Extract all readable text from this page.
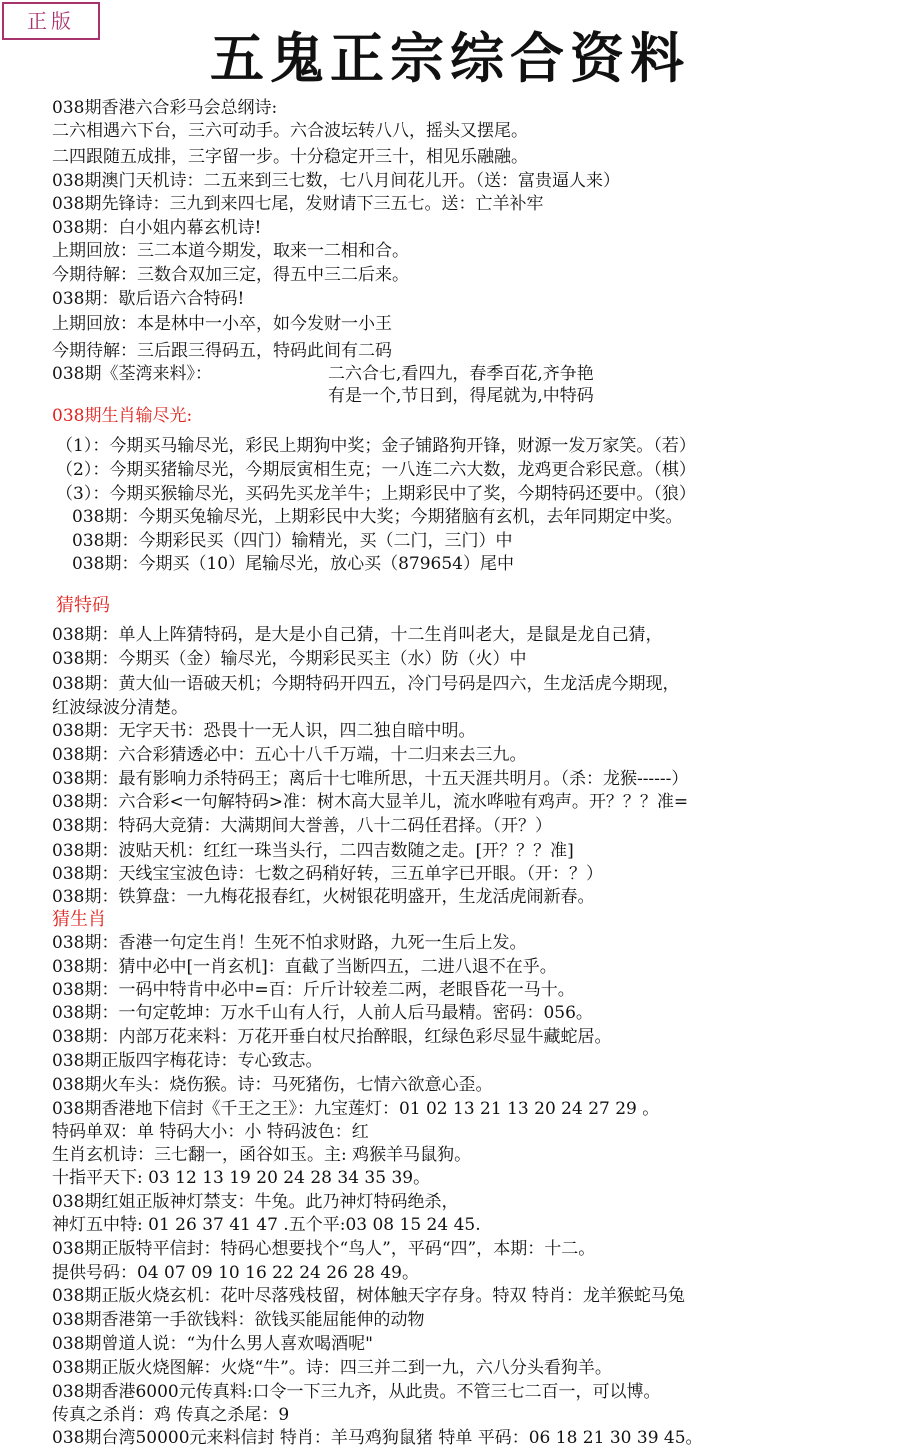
正版
五鬼正宗综合资料
038期香港六合彩马会总纲诗:
二六相遇六下台，三六可动手。六合波坛转八八，摇头又摆尾。
二四跟随五成排，三字留一步。十分稳定开三十，相见乐融融。
038期澳门天机诗：二五来到三七数，七八月间花儿开。（送：富贵逼人来）
038期先锋诗：三九到来四七尾，发财请下三五七。送：亡羊补牢
038期：白小姐内幕玄机诗!
上期回放：三二本道今期发，取来一二相和合。
今期待解：三数合双加三定，得五中三二后来。
038期：歇后语六合特码!
上期回放：本是林中一小卒，如今发财一小王
今期待解：三后跟三得码五，特码此间有二码
038期《荃湾来料》：	二六合七,看四九，春季百花,齐争艳
有是一个,节日到，得尾就为,中特码
038期生肖输尽光:
（1）：今期买马输尽光，彩民上期狗中奖；金子铺路狗开锋，财源一发万家笑。（若）
（2）：今期买猪输尽光，今期辰寅相生克；一八连二六大数，龙鸡更合彩民意。（棋）
（3）：今期买猴输尽光，买码先买龙羊牛；上期彩民中了奖，今期特码还要中。（狼）
038期：今期买兔输尽光，上期彩民中大奖；今期猪脑有玄机，去年同期定中奖。
038期：今期彩民买（四门）输精光，买（二门，三门）中
038期：今期买（10）尾输尽光，放心买（879654）尾中
猜特码
038期：单人上阵猜特码，是大是小自己猜，十二生肖叫老大，是鼠是龙自己猜，
038期：今期买（金）输尽光，今期彩民买主（水）防（火）中
038期：黄大仙一语破天机；今期特码开四五，冷门号码是四六，生龙活虎今期现，
红波绿波分清楚。
038期：无字天书：恐畏十一无人识，四二独自暗中明。
038期：六合彩猜透必中：五心十八千万端，十二归来去三九。
038期：最有影响力杀特码王；离后十七唯所思，十五天涯共明月。（杀：龙猴------）
038期：六合彩<一句解特码>准：树木高大显羊儿，流水哗啦有鸡声。开？？？准=
038期：特码大竞猜：大满期间大誉善，八十二码任君择。（开？）
038期：波贴天机：红红一珠当头行，二四吉数随之走。[开？？？准]
038期：天线宝宝波色诗：七数之码稍好转，三五单字已开眼。（开：？）
038期：铁算盘：一九梅花报春红，火树银花明盛开，生龙活虎闹新春。
猜生肖
038期：香港一句定生肖！生死不怕求财路，九死一生后上发。
038期：猜中必中[一肖玄机]：直截了当断四五，二进八退不在乎。
038期：一码中特肯中必中=百：斤斤计较差二两，老眼昏花一马十。
038期：一句定乾坤：万水千山有人行，人前人后马最精。密码：056。
038期：内部万花来料：万花开垂白杖尺抬醉眼，红绿色彩尽显牛藏蛇居。
038期正版四字梅花诗：专心致志。
038期火车头：烧伤猴。诗：马死猪伤，七情六欲意心歪。
038期香港地下信封《千王之王》：九宝莲灯：01 02 13 21 13 20 24 27 29 。
特码单双：单 特码大小：小 特码波色：红
生肖玄机诗：三七翻一，函谷如玉。主: 鸡猴羊马鼠狗。
十指平天下: 03 12 13 19 20 24 28 34 35 39。
038期红姐正版神灯禁支：牛兔。此乃神灯特码绝杀，
神灯五中特: 01 26 37 41 47 .五个平:03 08 15 24 45.
038期正版特平信封：特码心想要找个“鸟人”，平码“四”，本期：十二。
提供号码：04 07 09 10 16 22 24 26 28 49。
038期正版火烧玄机：花叶尽落残枝留，树体触天字存身。特双 特肖：龙羊猴蛇马兔
038期香港第一手欲钱料：欲钱买能屈能伸的动物
038期曾道人说：“为什么男人喜欢喝酒呢"
038期正版火烧图解：火烧“牛”。诗：四三并二到一九，六八分头看狗羊。
038期香港6000元传真料:口令一下三九齐，从此贵。不管三七二百一，可以博。
传真之杀肖：鸡 传真之杀尾：9
038期台湾50000元来料信封 特肖：羊马鸡狗鼠猪 特单 平码：06 18 21 30 39 45。
